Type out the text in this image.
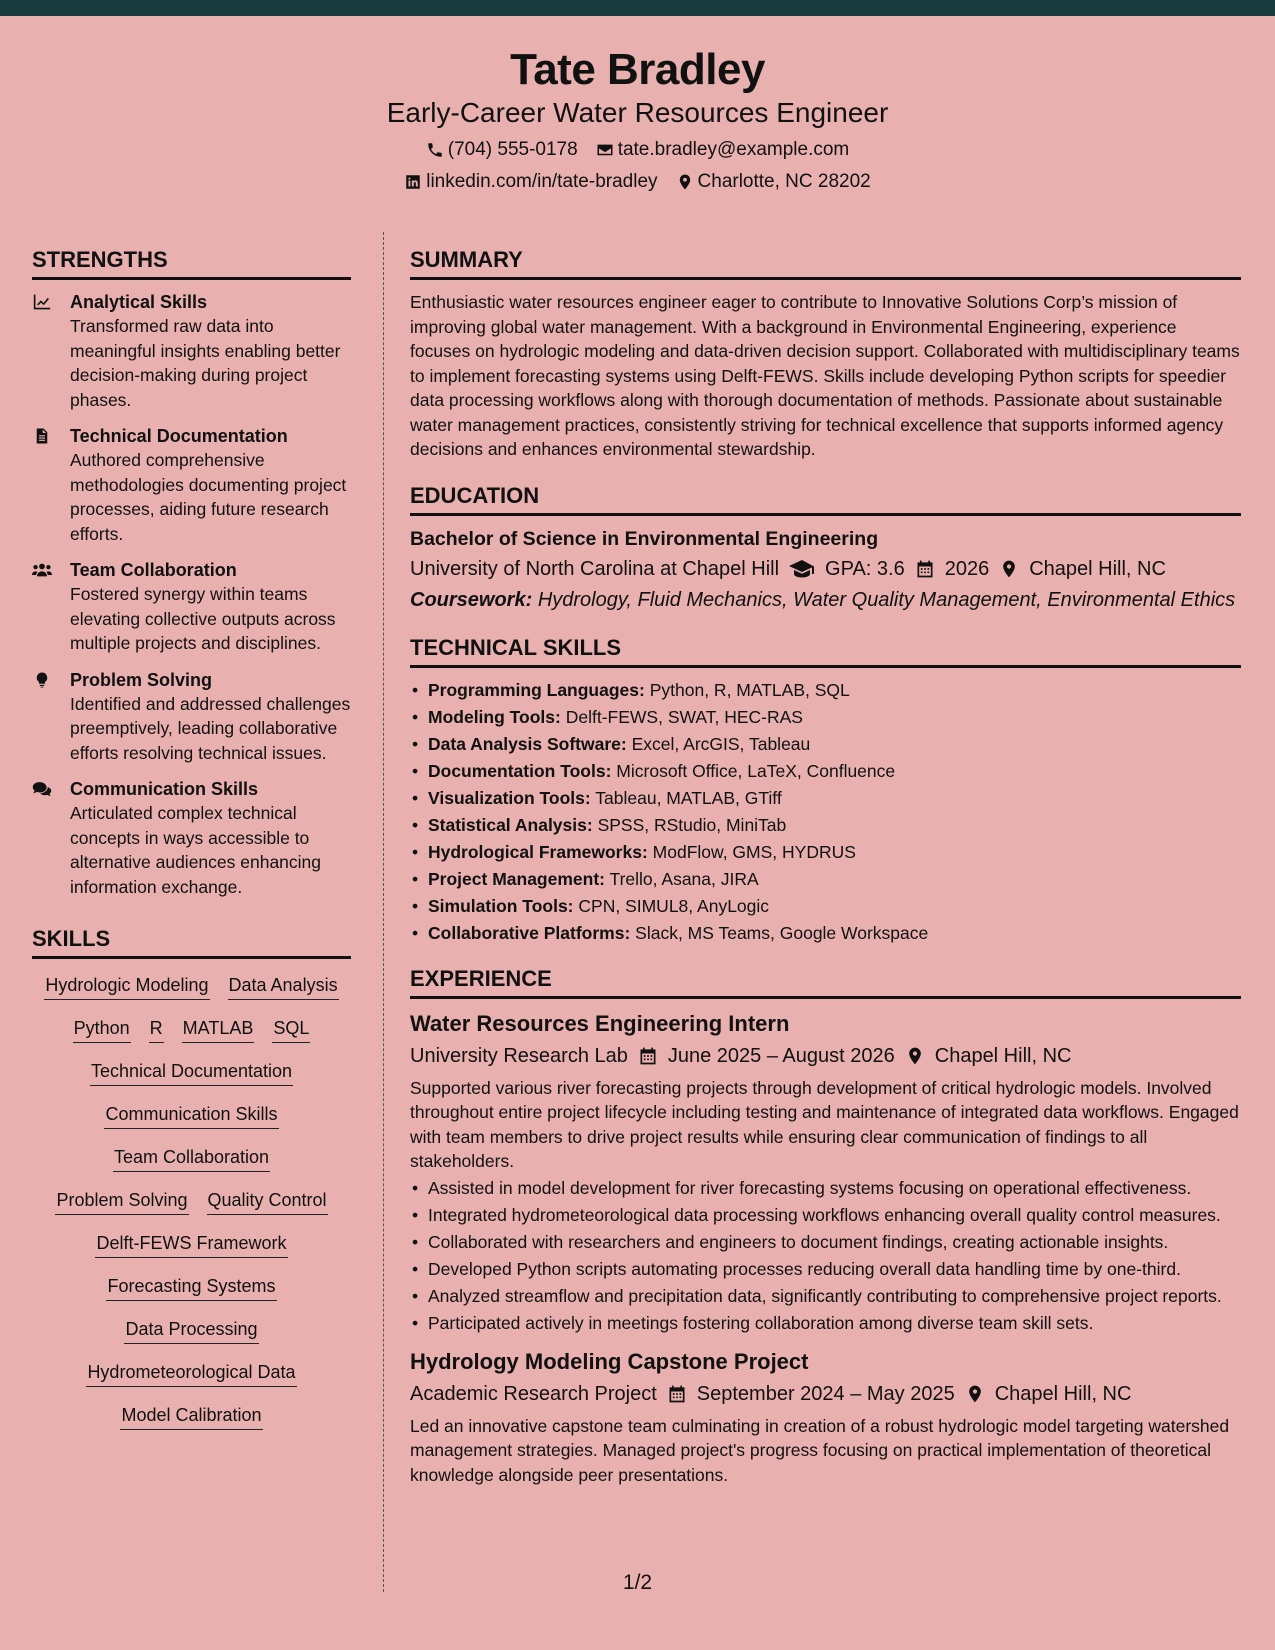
Tate Bradley
Early-Career Water Resources Engineer
(704) 555-0178 tate.bradley@example.com
linkedin.com/in/tate-bradley Charlotte, NC 28202
STRENGTHS
Analytical Skills
Transformed raw data into meaningful insights enabling better decision-making during project phases.
Technical Documentation
Authored comprehensive methodologies documenting project processes, aiding future research efforts.
Team Collaboration
Fostered synergy within teams elevating collective outputs across multiple projects and disciplines.
Problem Solving
Identified and addressed challenges preemptively, leading collaborative efforts resolving technical issues.
Communication Skills
Articulated complex technical concepts in ways accessible to alternative audiences enhancing information exchange.
SKILLS
Hydrologic Modeling Data Analysis
Python R MATLAB SQL
Technical Documentation
Communication Skills
Team Collaboration
Problem Solving Quality Control
Delft-FEWS Framework
Forecasting Systems
Data Processing
Hydrometeorological Data
Model Calibration
SUMMARY

Enthusiastic water resources engineer eager to contribute to Innovative Solutions Corp’s mission of improving global water management. With a background in Environmental Engineering, experience focuses on hydrologic modeling and data-driven decision support. Collaborated with multidisciplinary teams to implement forecasting systems using Delft-FEWS. Skills include developing Python scripts for speedier data processing workflows along with thorough documentation of methods. Passionate about sustainable water management practices, consistently striving for technical excellence that supports informed agency decisions and enhances environmental stewardship.

EDUCATION
Bachelor of Science in Environmental Engineering
University of North Carolina at Chapel Hill GPA: 3.6 2026 Chapel Hill, NC
Coursework: Hydrology, Fluid Mechanics, Water Quality Management, Environmental Ethics
TECHNICAL SKILLS
• Programming Languages: Python, R, MATLAB, SQL
• Modeling Tools: Delft-FEWS, SWAT, HEC-RAS
• Data Analysis Software: Excel, ArcGIS, Tableau
• Documentation Tools: Microsoft Office, LaTeX, Confluence
• Visualization Tools: Tableau, MATLAB, GTiff
• Statistical Analysis: SPSS, RStudio, MiniTab
• Hydrological Frameworks: ModFlow, GMS, HYDRUS
• Project Management: Trello, Asana, JIRA
• Simulation Tools: CPN, SIMUL8, AnyLogic
• Collaborative Platforms: Slack, MS Teams, Google Workspace
EXPERIENCE
Water Resources Engineering Intern
University Research Lab June 2025 – August 2026 Chapel Hill, NC

Supported various river forecasting projects through development of critical hydrologic models. Involved throughout entire project lifecycle including testing and maintenance of integrated data workflows. Engaged with team members to drive project results while ensuring clear communication of findings to all stakeholders.

• Assisted in model development for river forecasting systems focusing on operational effectiveness.
• Integrated hydrometeorological data processing workflows enhancing overall quality control measures.
• Collaborated with researchers and engineers to document findings, creating actionable insights.
• Developed Python scripts automating processes reducing overall data handling time by one-third.
• Analyzed streamflow and precipitation data, significantly contributing to comprehensive project reports.
• Participated actively in meetings fostering collaboration among diverse team skill sets.
Hydrology Modeling Capstone Project
Academic Research Project September 2024 – May 2025 Chapel Hill, NC

Led an innovative capstone team culminating in creation of a robust hydrologic model targeting watershed management strategies. Managed project's progress focusing on practical implementation of theoretical knowledge alongside peer presentations.

1/2
